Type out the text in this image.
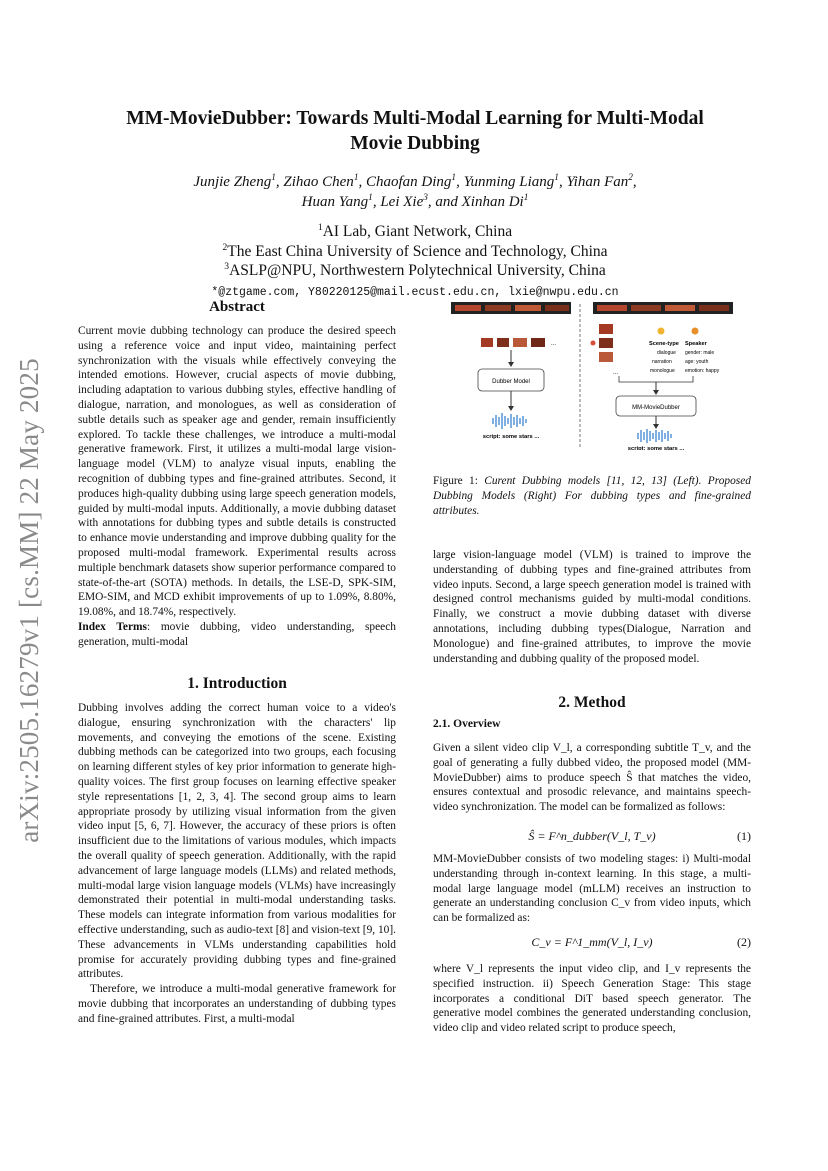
arXiv:2505.16279v1 [cs.MM] 22 May 2025
MM-MovieDubber: Towards Multi-Modal Learning for Multi-Modal
Movie Dubbing
Junjie Zheng$^1$, Zihao Chen$^1$, Chaofan Ding$^1$, Yunming Liang$^1$, Yihan Fan$^2$,
Huan Yang$^1$, Lei Xie$^3$, and Xinhan Di$^1$
$^1$AI Lab, Giant Network, China
$^2$The East China University of Science and Technology, China
$^3$ASLP@NPU, Northwestern Polytechnical University, China
*@ztgame.com, Y80220125@mail.ecust.edu.cn, lxie@nwpu.edu.cn
Abstract

Current movie dubbing technology can produce the desired speech using a reference voice and input video, maintaining perfect synchronization with the visuals while effectively conveying the intended emotions. However, crucial aspects of movie dubbing, including adaptation to various dubbing styles, effective handling of dialogue, narration, and monologues, as well as consideration of subtle details such as speaker age and gender, remain insufficiently explored. To tackle these challenges, we introduce a multi-modal generative framework. First, it utilizes a multi-modal large vision-language model (VLM) to analyze visual inputs, enabling the recognition of dubbing types and fine-grained attributes. Second, it produces high-quality dubbing using large speech generation models, guided by multi-modal inputs. Additionally, a movie dubbing dataset with annotations for dubbing types and subtle details is constructed to enhance movie understanding and improve dubbing quality for the proposed multi-modal framework. Experimental results across multiple benchmark datasets show superior performance compared to state-of-the-art (SOTA) methods. In details, the LSE-D, SPK-SIM, EMO-SIM, and MCD exhibit improvements of up to 1.09%, 8.80%, 19.08%, and 18.74%, respectively.

Index Terms: movie dubbing, video understanding, speech generation, multi-modal

1. Introduction

Dubbing involves adding the correct human voice to a video's dialogue, ensuring synchronization with the characters' lip movements, and conveying the emotions of the scene. Existing dubbing methods can be categorized into two groups, each focusing on learning different styles of key prior information to generate high-quality voices. The first group focuses on learning effective speaker style representations [1, 2, 3, 4]. The second group aims to learn appropriate prosody by utilizing visual information from the given video input [5, 6, 7]. However, the accuracy of these priors is often insufficient due to the limitations of various modules, which impacts the overall quality of speech generation. Additionally, with the rapid advancement of large language models (LLMs) and related methods, multi-modal large vision language models (VLMs) have increasingly demonstrated their potential in multi-modal understanding tasks. These models can integrate information from various modalities for effective understanding, such as audio-text [8] and vision-text [9, 10]. These advancements in VLMs understanding capabilities hold promise for accurately providing dubbing types and fine-grained attributes.

Therefore, we introduce a multi-modal generative framework for movie dubbing that incorporates an understanding of dubbing types and fine-grained attributes. First, a multi-modal

...
Dubber Model
script: some stars ...
Scene-type Speaker
dialogue
narration
monologue
gender: male
age: youth
emotion: happy
...
MM-MovieDubber
script: some stars ...
Figure 1: Curent Dubbing models [11, 12, 13] (Left). Proposed Dubbing Models (Right) For dubbing types and fine-grained attributes.

large vision-language model (VLM) is trained to improve the understanding of dubbing types and fine-grained attributes from video inputs. Second, a large speech generation model is trained with designed control mechanisms guided by multi-modal conditions. Finally, we construct a movie dubbing dataset with diverse annotations, including dubbing types(Dialogue, Narration and Monologue) and fine-grained attributes, to improve the movie understanding and dubbing quality of the proposed model.

2. Method
2.1. Overview
Given a silent video clip V_l, a corresponding subtitle T_v, and the goal of generating a fully dubbed video, the proposed model (MM-MovieDubber) aims to produce speech Ŝ that matches the video, ensures contextual and prosodic relevance, and maintains speech-video synchronization. The model can be formalized as follows:
Ŝ = F^n_dubber(V_l, T_v)	(1)
MM-MovieDubber consists of two modeling stages: i) Multi-modal understanding through in-context learning. In this stage, a multi-modal large language model (mLLM) receives an instruction to generate an understanding conclusion C_v from video inputs, which can be formalized as:
C_v = F^1_mm(V_l, I_v)	(2)
where V_l represents the input video clip, and I_v represents the specified instruction. ii) Speech Generation Stage: This stage incorporates a conditional DiT based speech generator. The generative model combines the generated understanding conclusion, video clip and video related script to produce speech,
